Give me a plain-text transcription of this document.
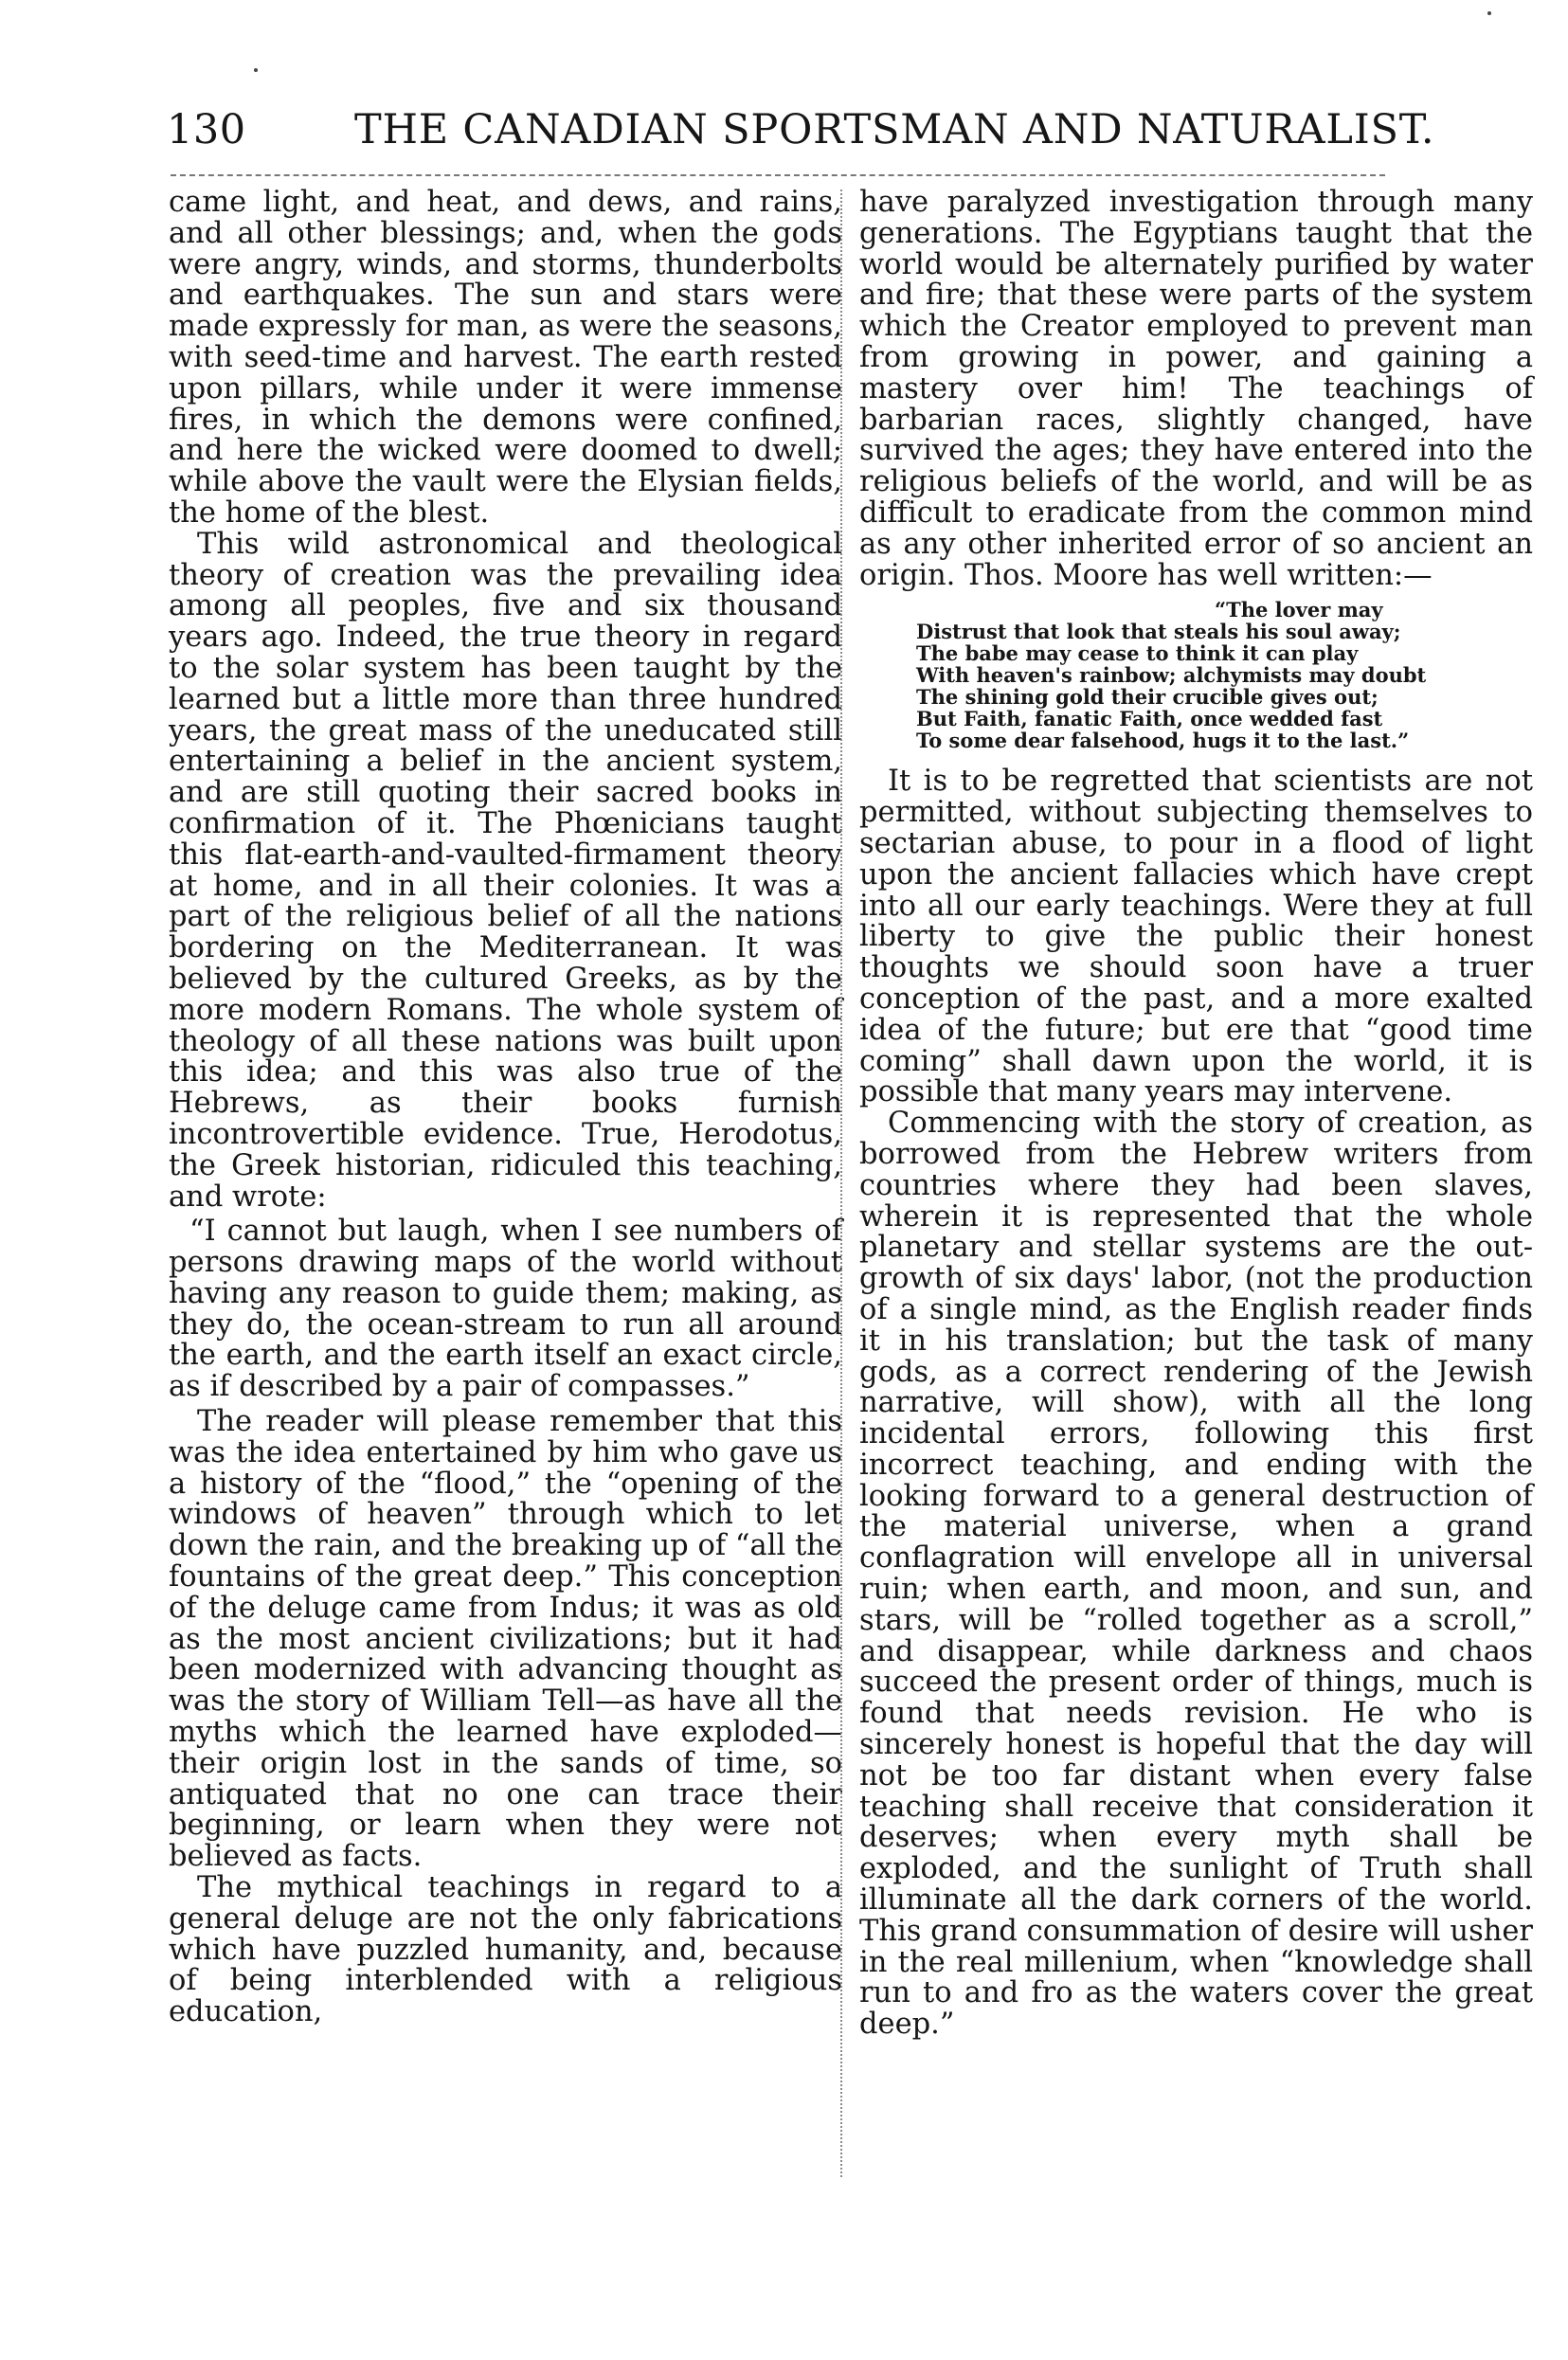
130	THE CANADIAN SPORTSMAN AND NATURALIST.

came light, and heat, and dews, and rains, and all other blessings; and, when the gods were angry, winds, and storms, thunderbolts and earthquakes. The sun and stars were made expressly for man, as were the seasons, with seed-time and harvest. The earth rested upon pillars, while under it were immense fires, in which the demons were confined, and here the wicked were doomed to dwell; while above the vault were the Elysian fields, the home of the blest.

This wild astronomical and theological theory of creation was the prevailing idea among all peoples, five and six thousand years ago. Indeed, the true theory in regard to the solar system has been taught by the learned but a little more than three hundred years, the great mass of the uneducated still entertaining a belief in the ancient system, and are still quoting their sacred books in confirmation of it. The Phœnicians taught this flat-earth-and-vaulted-firmament theory at home, and in all their colonies. It was a part of the religious belief of all the nations bordering on the Mediterranean. It was believed by the cultured Greeks, as by the more modern Romans. The whole system of theology of all these nations was built upon this idea; and this was also true of the Hebrews, as their books furnish incontrovertible evidence. True, Herodotus, the Greek historian, ridiculed this teaching, and wrote:

“I cannot but laugh, when I see numbers of persons drawing maps of the world without having any reason to guide them; making, as they do, the ocean-stream to run all around the earth, and the earth itself an exact circle, as if described by a pair of compasses.”

The reader will please remember that this was the idea entertained by him who gave us a history of the “flood,” the “opening of the windows of heaven” through which to let down the rain, and the breaking up of “all the fountains of the great deep.” This conception of the deluge came from Indus; it was as old as the most ancient civilizations; but it had been modernized with advancing thought as was the story of William Tell—as have all the myths which the learned have exploded—their origin lost in the sands of time, so antiquated that no one can trace their beginning, or learn when they were not believed as facts.

The mythical teachings in regard to a general deluge are not the only fabrications which have puzzled humanity, and, because of being interblended with a religious education,

have paralyzed investigation through many generations. The Egyptians taught that the world would be alternately purified by water and fire; that these were parts of the system which the Creator employed to prevent man from growing in power, and gaining a mastery over him! The teachings of barbarian races, slightly changed, have survived the ages; they have entered into the religious beliefs of the world, and will be as difficult to eradicate from the common mind as any other inherited error of so ancient an origin. Thos. Moore has well written:—

“The lover may
Distrust that look that steals his soul away;
The babe may cease to think it can play
With heaven's rainbow; alchymists may doubt
The shining gold their crucible gives out;
But Faith, fanatic Faith, once wedded fast
To some dear falsehood, hugs it to the last.”

It is to be regretted that scientists are not permitted, without subjecting themselves to sectarian abuse, to pour in a flood of light upon the ancient fallacies which have crept into all our early teachings. Were they at full liberty to give the public their honest thoughts we should soon have a truer conception of the past, and a more exalted idea of the future; but ere that “good time coming” shall dawn upon the world, it is possible that many years may intervene.

Commencing with the story of creation, as borrowed from the Hebrew writers from countries where they had been slaves, wherein it is represented that the whole planetary and stellar systems are the out-growth of six days' labor, (not the production of a single mind, as the English reader finds it in his translation; but the task of many gods, as a correct rendering of the Jewish narrative, will show), with all the long incidental errors, following this first incorrect teaching, and ending with the looking forward to a general destruction of the material universe, when a grand conflagration will envelope all in universal ruin; when earth, and moon, and sun, and stars, will be “rolled together as a scroll,” and disappear, while darkness and chaos succeed the present order of things, much is found that needs revision. He who is sincerely honest is hopeful that the day will not be too far distant when every false teaching shall receive that consideration it deserves; when every myth shall be exploded, and the sunlight of Truth shall illuminate all the dark corners of the world. This grand consummation of desire will usher in the real millenium, when “knowledge shall run to and fro as the waters cover the great deep.”
